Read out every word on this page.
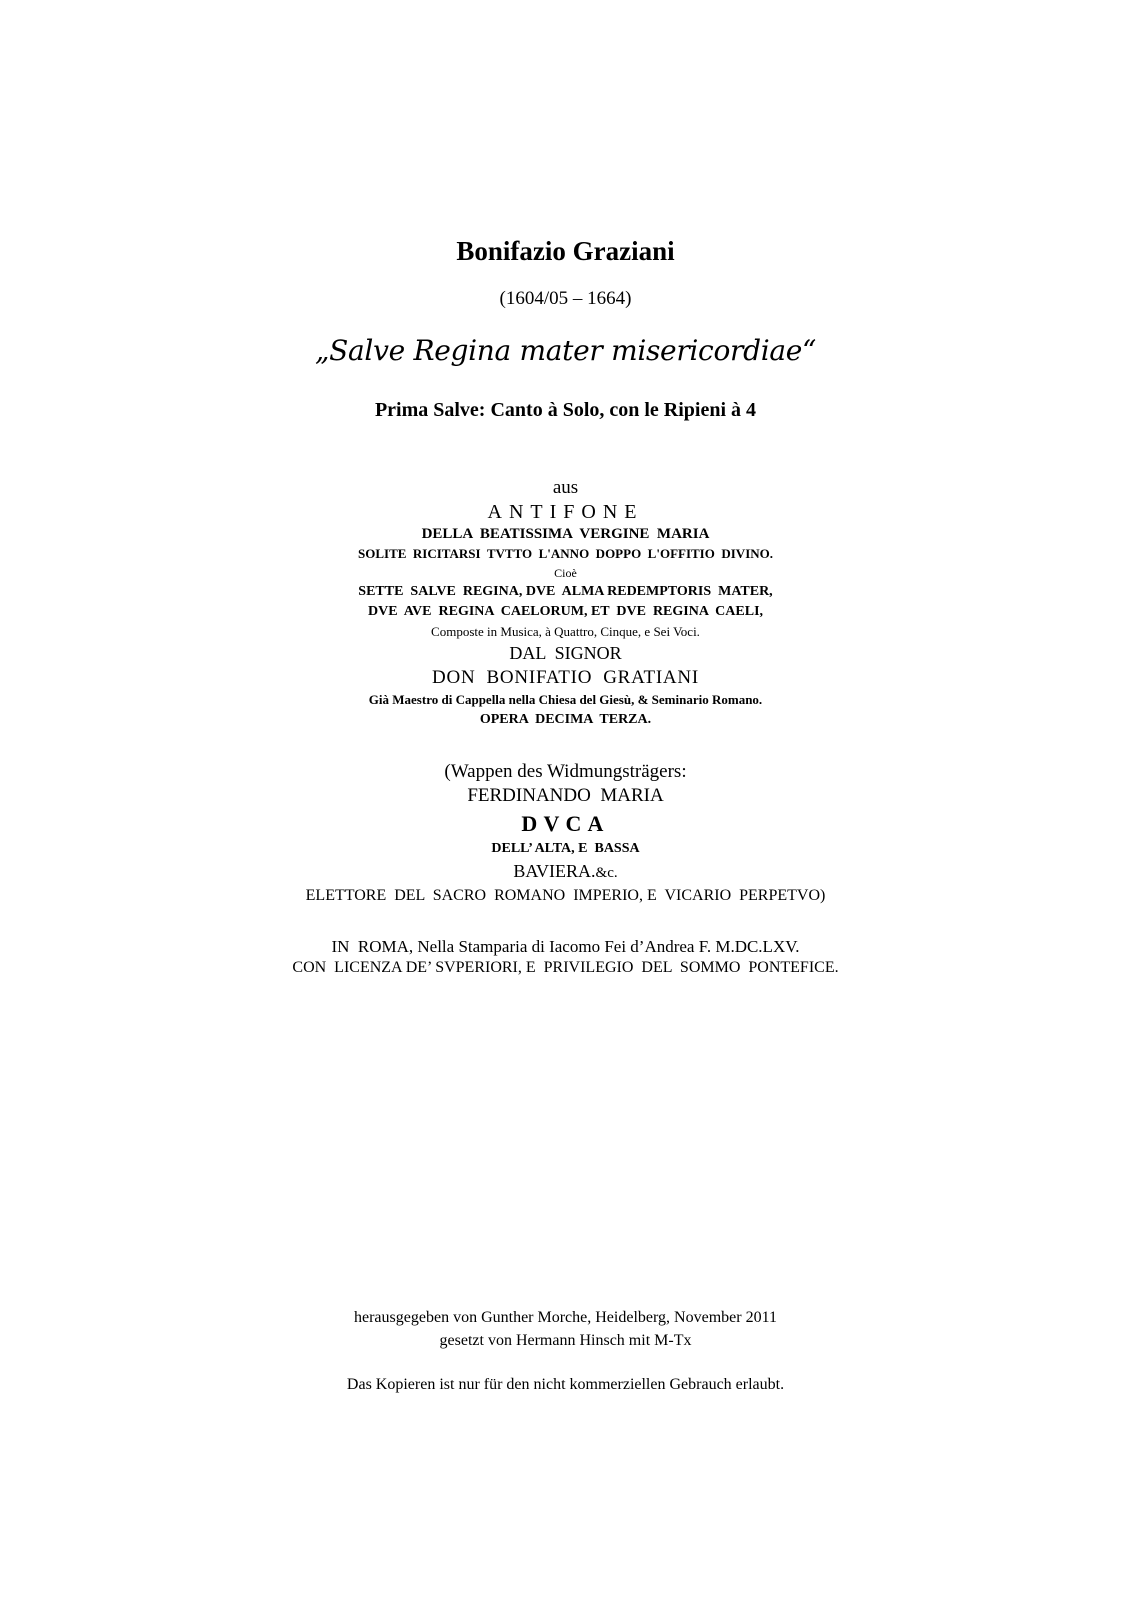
Bonifazio Graziani
(1604/05 – 1664)
„Salve Regina mater misericordiae“
Prima Salve: Canto à Solo, con le Ripieni à 4
aus
ANTIFONE
DELLA  BEATISSIMA  VERGINE  MARIA
SOLITE  RICITARSI  TVTTO  L'ANNO  DOPPO  L'OFFITIO  DIVINO.
Cioè
SETTE  SALVE  REGINA, DVE  ALMA REDEMPTORIS  MATER,
DVE  AVE  REGINA  CAELORUM, ET  DVE  REGINA  CAELI,
Composte in Musica, à Quattro, Cinque, e Sei Voci.
DAL  SIGNOR
DON  BONIFATIO  GRATIANI
Già Maestro di Cappella nella Chiesa del Giesù, & Seminario Romano.
OPERA  DECIMA  TERZA.
(Wappen des Widmungsträgers:
FERDINANDO  MARIA
DVCA
DELL’ ALTA, E  BASSA
BAVIERA.&c.
ELETTORE  DEL  SACRO  ROMANO  IMPERIO, E  VICARIO  PERPETVO)
IN  ROMA, Nella Stamparia di Iacomo Fei d’Andrea F. M.DC.LXV.
CON  LICENZA DE’ SVPERIORI, E  PRIVILEGIO  DEL  SOMMO  PONTEFICE.
herausgegeben von Gunther Morche, Heidelberg, November 2011
gesetzt von Hermann Hinsch mit M-Tx
Das Kopieren ist nur für den nicht kommerziellen Gebrauch erlaubt.
